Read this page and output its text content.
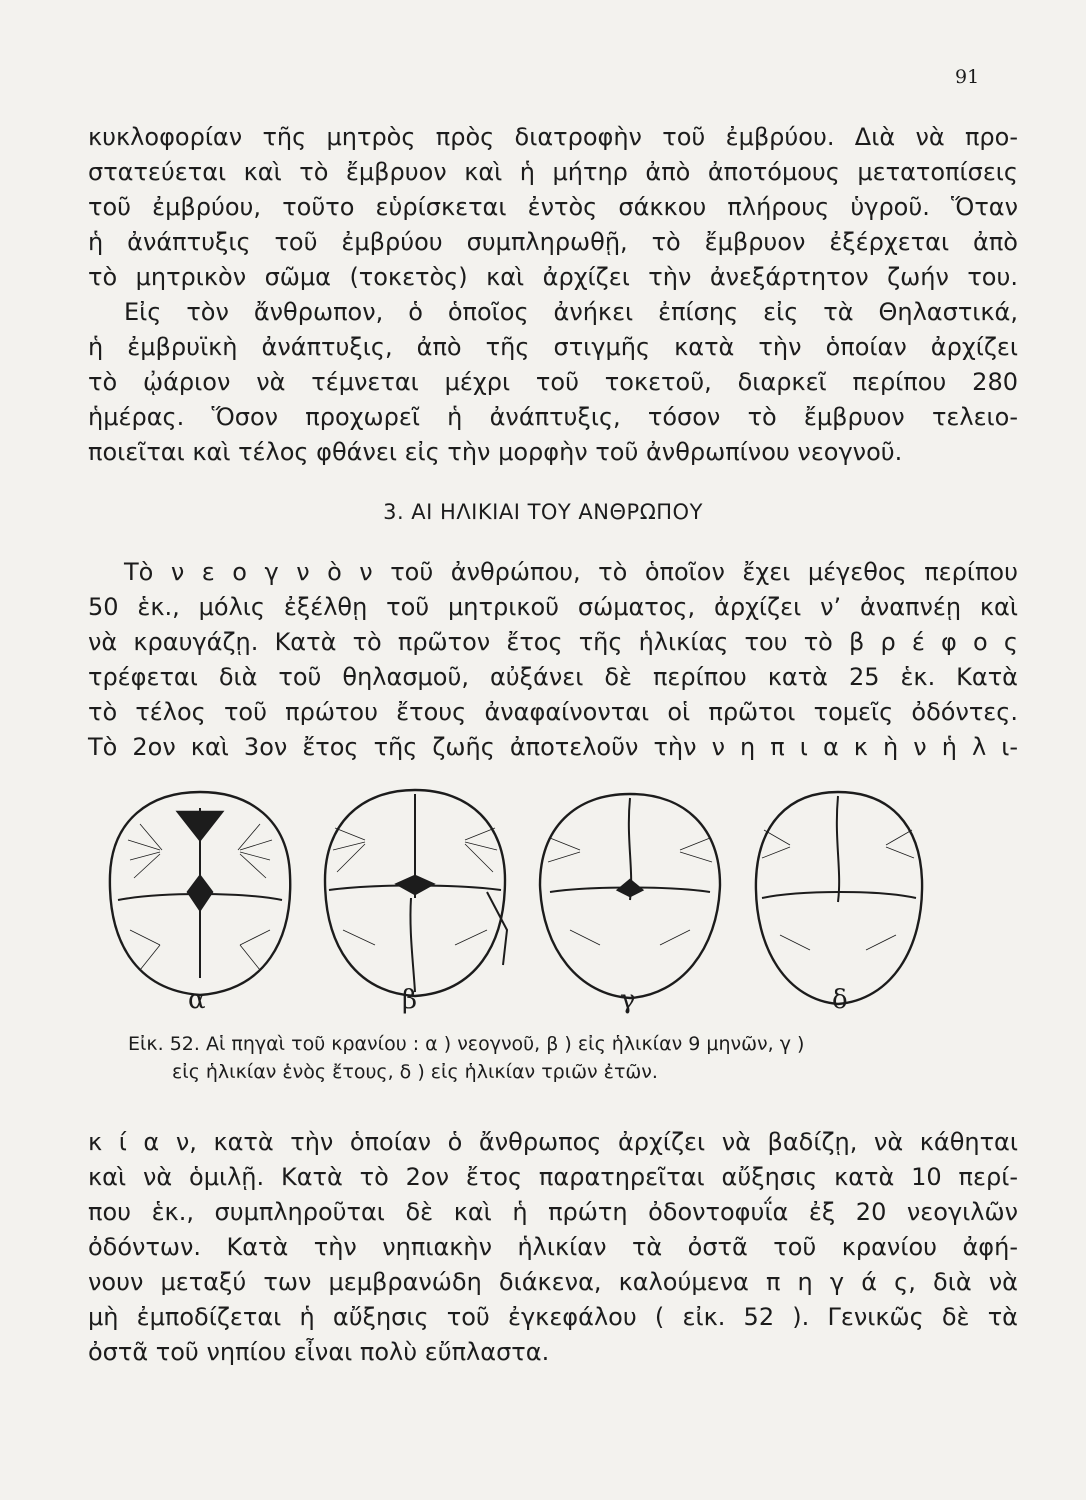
91
κυκλοφορίαν τῆς μητρὸς πρὸς διατροφὴν τοῦ ἐμβρύου. Διὰ νὰ προ-
στατεύεται καὶ τὸ ἔμβρυον καὶ ἡ μήτηρ ἀπὸ ἀποτόμους μετατοπίσεις
τοῦ ἐμβρύου, τοῦτο εὑρίσκεται ἐντὸς σάκκου πλήρους ὑγροῦ. Ὅταν
ἡ ἀνάπτυξις τοῦ ἐμβρύου συμπληρωθῇ, τὸ ἔμβρυον ἐξέρχεται ἀπὸ
τὸ μητρικὸν σῶμα (τοκετὸς) καὶ ἀρχίζει τὴν ἀνεξάρτητον ζωήν του.
Εἰς τὸν ἄνθρωπον, ὁ ὁποῖος ἀνήκει ἐπίσης εἰς τὰ Θηλαστικά,
ἡ ἐμβρυϊκὴ ἀνάπτυξις, ἀπὸ τῆς στιγμῆς κατὰ τὴν ὁποίαν ἀρχίζει
τὸ ᾠάριον νὰ τέμνεται μέχρι τοῦ τοκετοῦ, διαρκεῖ περίπου 280
ἡμέρας. Ὅσον προχωρεῖ ἡ ἀνάπτυξις, τόσον τὸ ἔμβρυον τελειο-
ποιεῖται καὶ τέλος φθάνει εἰς τὴν μορφὴν τοῦ ἀνθρωπίνου νεογνοῦ.
3. ΑΙ ΗΛΙΚΙΑΙ ΤΟΥ ΑΝΘΡΩΠΟΥ
Τὸ ν ε ο γ ν ὸ ν τοῦ ἀνθρώπου, τὸ ὁποῖον ἔχει μέγεθος περίπου
50 ἑκ., μόλις ἐξέλθῃ τοῦ μητρικοῦ σώματος, ἀρχίζει ν’ ἀναπνέῃ καὶ
νὰ κραυγάζῃ. Κατὰ τὸ πρῶτον ἔτος τῆς ἡλικίας του τὸ β ρ έ φ ο ς
τρέφεται διὰ τοῦ θηλασμοῦ, αὐξάνει δὲ περίπου κατὰ 25 ἑκ. Κατὰ
τὸ τέλος τοῦ πρώτου ἔτους ἀναφαίνονται οἱ πρῶτοι τομεῖς ὀδόντες.
Τὸ 2ον καὶ 3ον ἔτος τῆς ζωῆς ἀποτελοῦν τὴν ν η π ι α κ ὴ ν ἡ λ ι-
α	β	γ	δ
Εἰκ. 52. Αἱ πηγαὶ τοῦ κρανίου : α ) νεογνοῦ, β ) εἰς ἡλικίαν 9 μηνῶν, γ )
εἰς ἡλικίαν ἑνὸς ἔτους, δ ) εἰς ἡλικίαν τριῶν ἐτῶν.
κ ί α ν, κατὰ τὴν ὁποίαν ὁ ἄνθρωπος ἀρχίζει νὰ βαδίζῃ, νὰ κάθηται
καὶ νὰ ὁμιλῇ. Κατὰ τὸ 2ον ἔτος παρατηρεῖται αὔξησις κατὰ 10 περί-
που ἑκ., συμπληροῦται δὲ καὶ ἡ πρώτη ὀδοντοφυΐα ἐξ 20 νεογιλῶν
ὀδόντων. Κατὰ τὴν νηπιακὴν ἡλικίαν τὰ ὀστᾶ τοῦ κρανίου ἀφή-
νουν μεταξύ των μεμβρανώδη διάκενα, καλούμενα π η γ ά ς, διὰ νὰ
μὴ ἐμποδίζεται ἡ αὔξησις τοῦ ἐγκεφάλου ( εἰκ. 52 ). Γενικῶς δὲ τὰ
ὀστᾶ τοῦ νηπίου εἶναι πολὺ εὔπλαστα.
